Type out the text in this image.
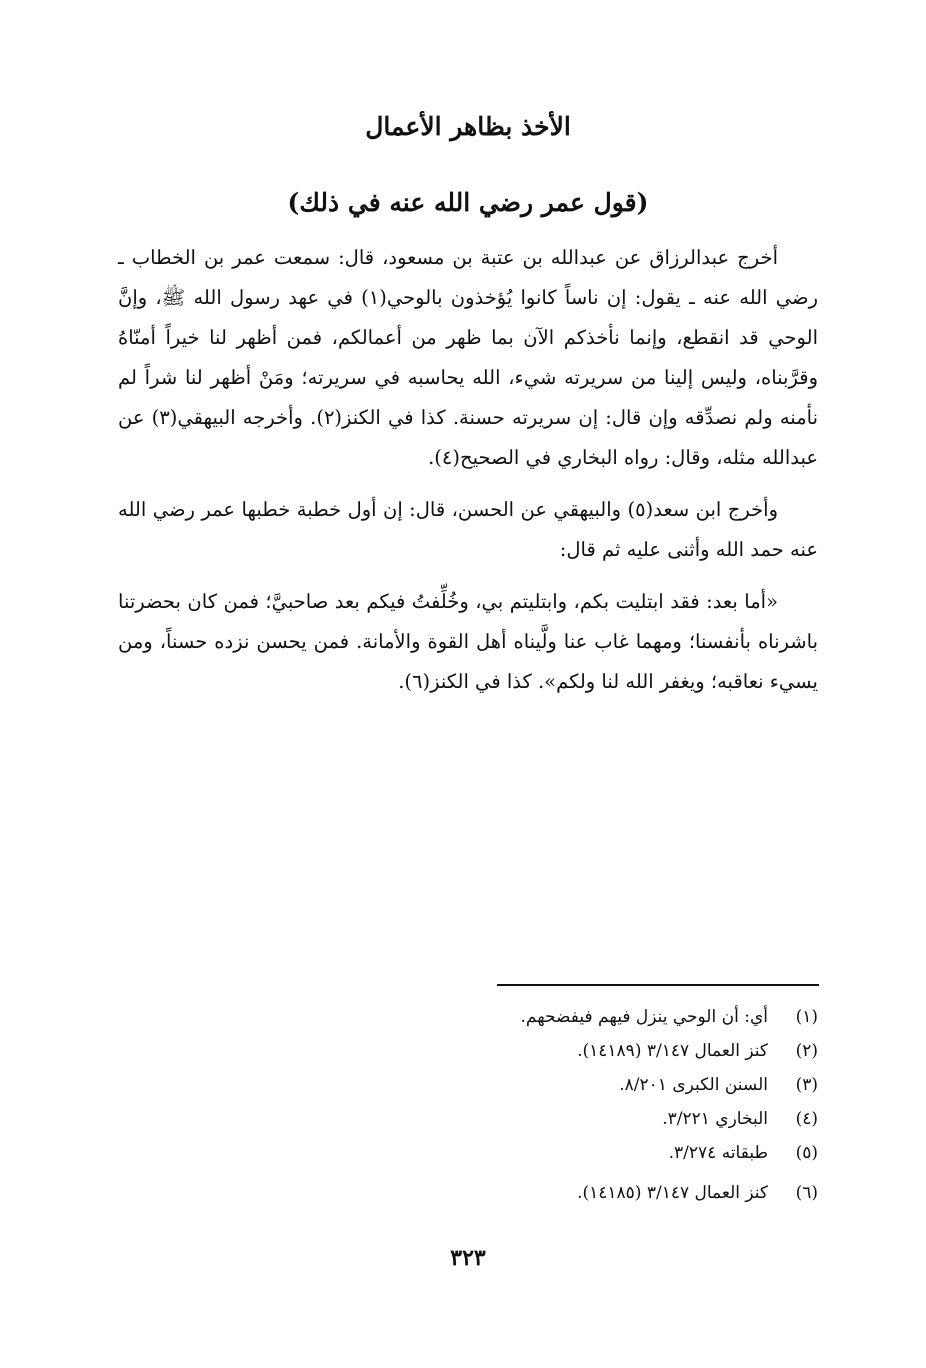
الأخذ بظاهر الأعمال
(قول عمر رضي الله عنه في ذلك)

أخرج عبدالرزاق عن عبدالله بن عتبة بن مسعود، قال: سمعت عمر بن الخطاب ـ رضي الله عنه ـ يقول: إن ناساً كانوا يُؤخذون بالوحي(١) في عهد رسول الله ﷺ، وإنَّ الوحي قد انقطع، وإنما نأخذكم الآن بما ظهر من أعمالكم، فمن أظهر لنا خيراً أمنّاهُ وقرَّبناه، وليس إلينا من سريرته شيء، الله يحاسبه في سريرته؛ ومَنْ أظهر لنا شراً لم نأمنه ولم نصدِّقه وإن قال: إن سريرته حسنة. كذا في الكنز(٢). وأخرجه البيهقي(٣) عن عبدالله مثله، وقال: رواه البخاري في الصحيح(٤).

وأخرج ابن سعد(٥) والبيهقي عن الحسن، قال: إن أول خطبة خطبها عمر رضي الله عنه حمد الله وأثنى عليه ثم قال:

«أما بعد: فقد ابتليت بكم، وابتليتم بي، وخُلِّفتُ فيكم بعد صاحبيَّ؛ فمن كان بحضرتنا باشرناه بأنفسنا؛ ومهما غاب عنا ولَّيناه أهل القوة والأمانة. فمن يحسن نزده حسناً، ومن يسيء نعاقبه؛ ويغفر الله لنا ولكم». كذا في الكنز(٦).

(١)أي: أن الوحي ينزل فيهم فيفضحهم.
(٢)كنز العمال ٣/١٤٧ (١٤١٨٩).
(٣)السنن الكبرى ٨/٢٠١.
(٤)البخاري ٣/٢٢١.
(٥)طبقاته ٣/٢٧٤.
(٦)كنز العمال ٣/١٤٧ (١٤١٨٥).
٣٢٣
